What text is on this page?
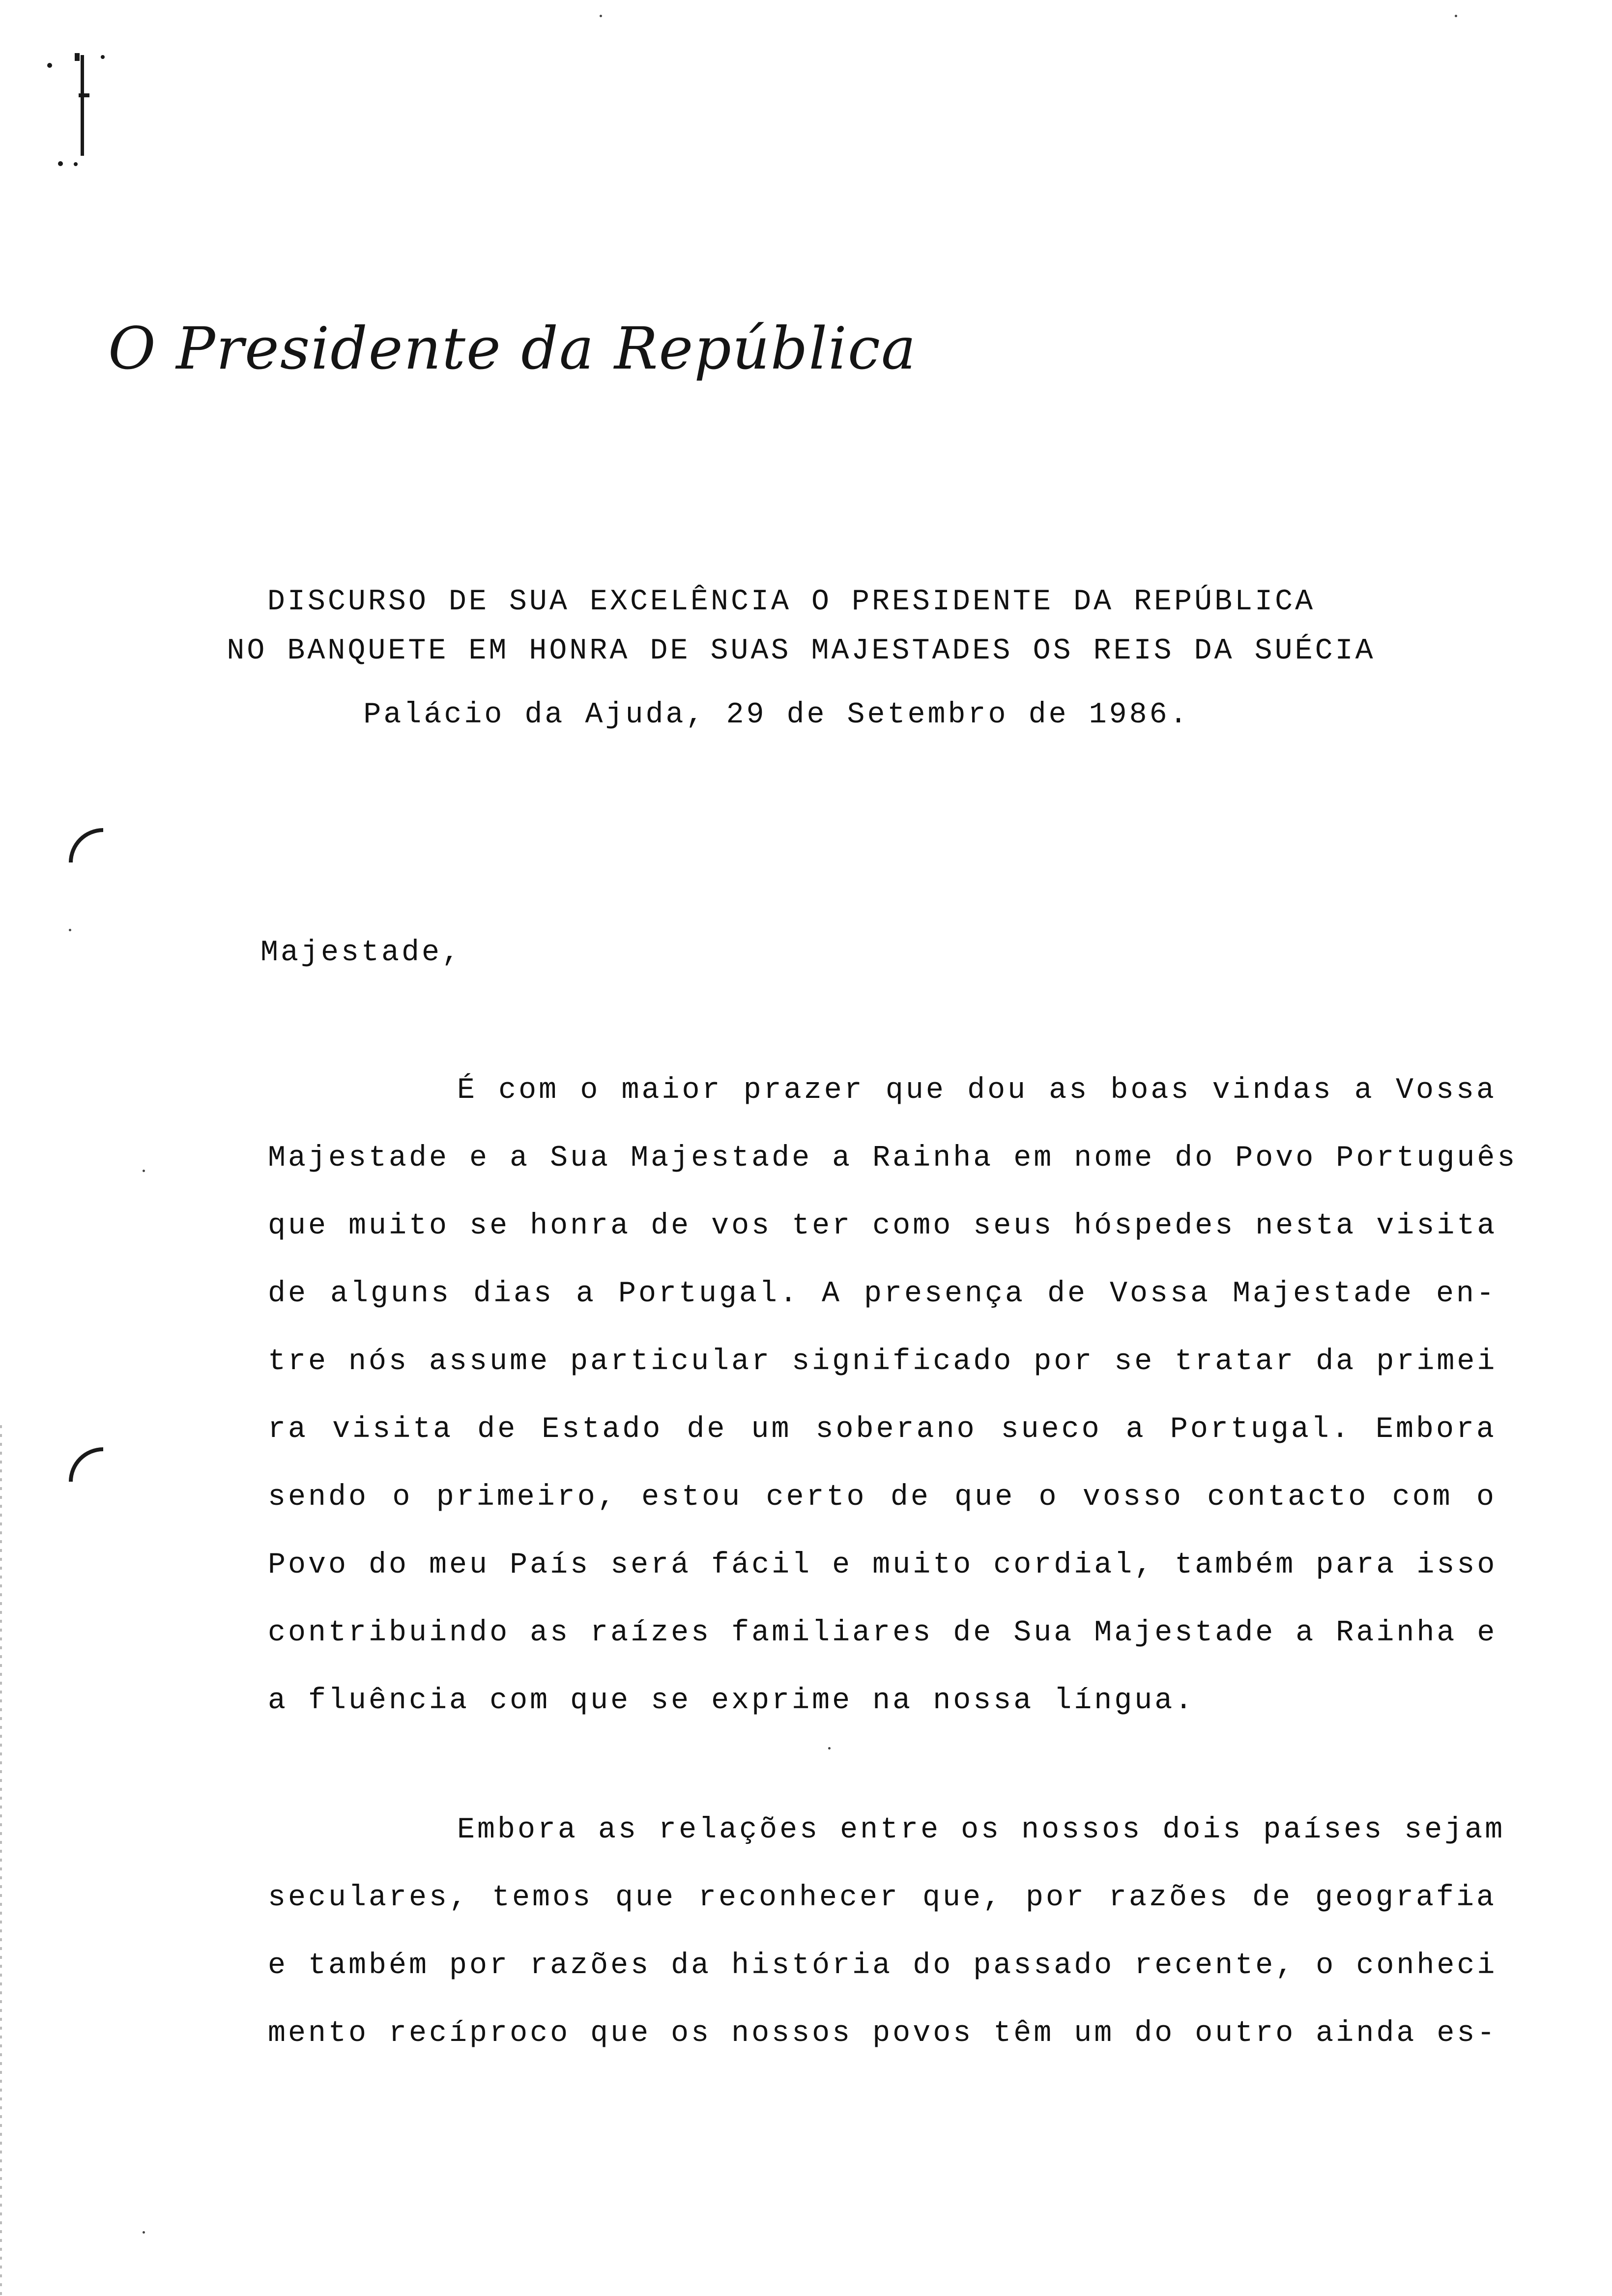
O Presidente da República
DISCURSO DE SUA EXCELÊNCIA O PRESIDENTE DA REPÚBLICA
NO BANQUETE EM HONRA DE SUAS MAJESTADES OS REIS DA SUÉCIA
Palácio da Ajuda, 29 de Setembro de 1986.
Majestade,
É com o maior prazer que dou as boas vindas a Vossa
Majestade e a Sua Majestade a Rainha em nome do Povo Português
que muito se honra de vos ter como seus hóspedes nesta visita
de alguns dias a Portugal. A presença de Vossa Majestade en-
tre nós assume particular significado por se tratar da primei
ra visita de Estado de um soberano sueco a Portugal. Embora
sendo o primeiro, estou certo de que o vosso contacto com o
Povo do meu País será fácil e muito cordial, também para isso
contribuindo as raízes familiares de Sua Majestade a Rainha e
a fluência com que se exprime na nossa língua.
Embora as relações entre os nossos dois países sejam
seculares, temos que reconhecer que, por razões de geografia
e também por razões da história do passado recente, o conheci
mento recíproco que os nossos povos têm um do outro ainda es-
